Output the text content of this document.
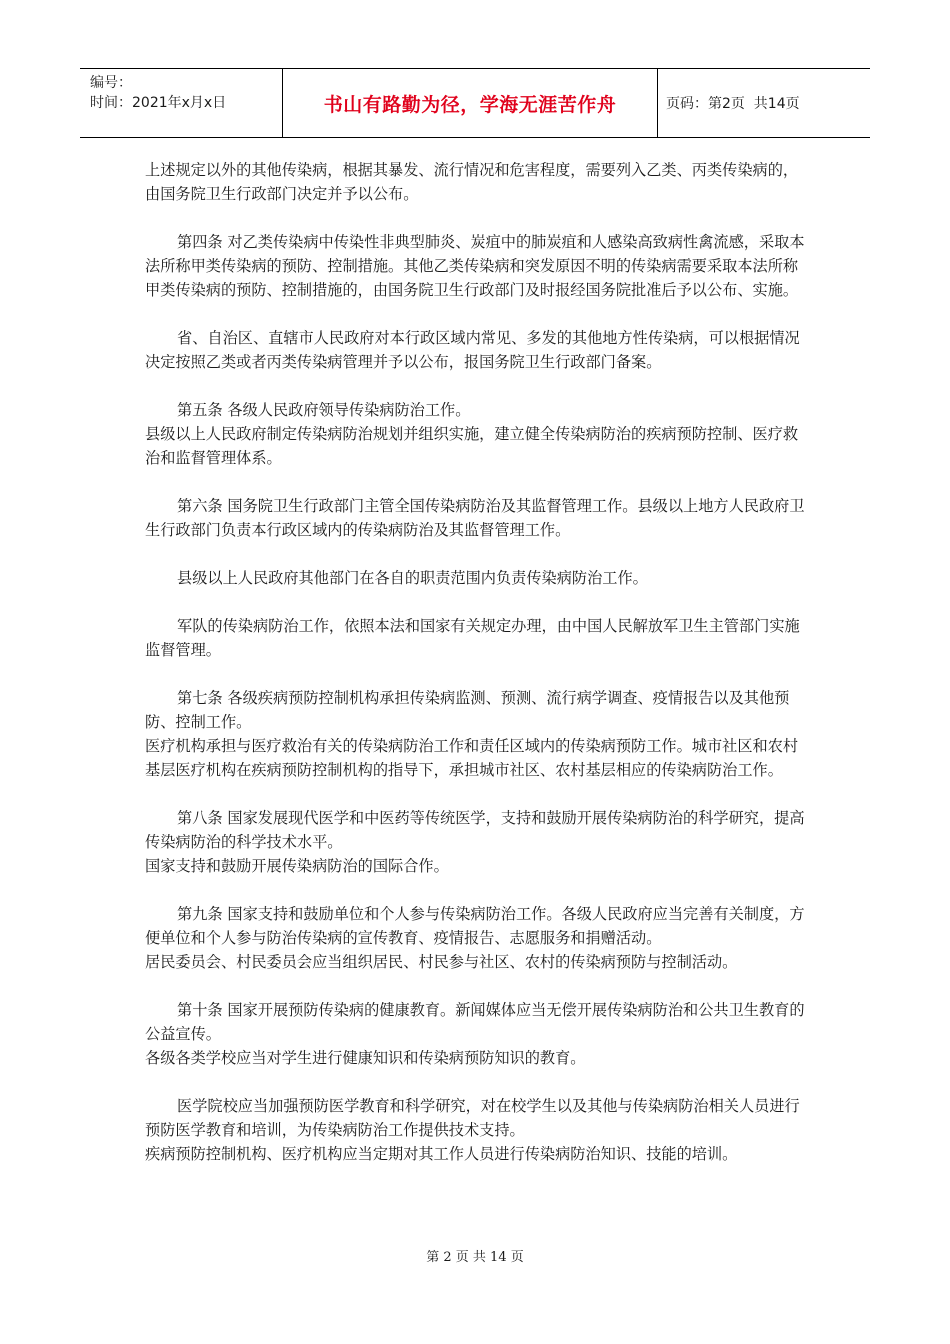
编号：
时间：2021年x月x日	书山有路勤为径，学海无涯苦作舟	页码：第2页  共14页

上述规定以外的其他传染病，根据其暴发、流行情况和危害程度，需要列入乙类、丙类传染病的，由国务院卫生行政部门决定并予以公布。

第四条 对乙类传染病中传染性非典型肺炎、炭疽中的肺炭疽和人感染高致病性禽流感，采取本法所称甲类传染病的预防、控制措施。其他乙类传染病和突发原因不明的传染病需要采取本法所称甲类传染病的预防、控制措施的，由国务院卫生行政部门及时报经国务院批准后予以公布、实施。

省、自治区、直辖市人民政府对本行政区域内常见、多发的其他地方性传染病，可以根据情况决定按照乙类或者丙类传染病管理并予以公布，报国务院卫生行政部门备案。

第五条 各级人民政府领导传染病防治工作。

县级以上人民政府制定传染病防治规划并组织实施，建立健全传染病防治的疾病预防控制、医疗救治和监督管理体系。

第六条 国务院卫生行政部门主管全国传染病防治及其监督管理工作。县级以上地方人民政府卫生行政部门负责本行政区域内的传染病防治及其监督管理工作。

县级以上人民政府其他部门在各自的职责范围内负责传染病防治工作。

军队的传染病防治工作，依照本法和国家有关规定办理，由中国人民解放军卫生主管部门实施监督管理。

第七条 各级疾病预防控制机构承担传染病监测、预测、流行病学调查、疫情报告以及其他预防、控制工作。

医疗机构承担与医疗救治有关的传染病防治工作和责任区域内的传染病预防工作。城市社区和农村基层医疗机构在疾病预防控制机构的指导下，承担城市社区、农村基层相应的传染病防治工作。

第八条 国家发展现代医学和中医药等传统医学，支持和鼓励开展传染病防治的科学研究，提高传染病防治的科学技术水平。

国家支持和鼓励开展传染病防治的国际合作。

第九条 国家支持和鼓励单位和个人参与传染病防治工作。各级人民政府应当完善有关制度，方便单位和个人参与防治传染病的宣传教育、疫情报告、志愿服务和捐赠活动。

居民委员会、村民委员会应当组织居民、村民参与社区、农村的传染病预防与控制活动。

第十条 国家开展预防传染病的健康教育。新闻媒体应当无偿开展传染病防治和公共卫生教育的公益宣传。

各级各类学校应当对学生进行健康知识和传染病预防知识的教育。

医学院校应当加强预防医学教育和科学研究，对在校学生以及其他与传染病防治相关人员进行预防医学教育和培训，为传染病防治工作提供技术支持。

疾病预防控制机构、医疗机构应当定期对其工作人员进行传染病防治知识、技能的培训。

第 2 页 共 14 页
